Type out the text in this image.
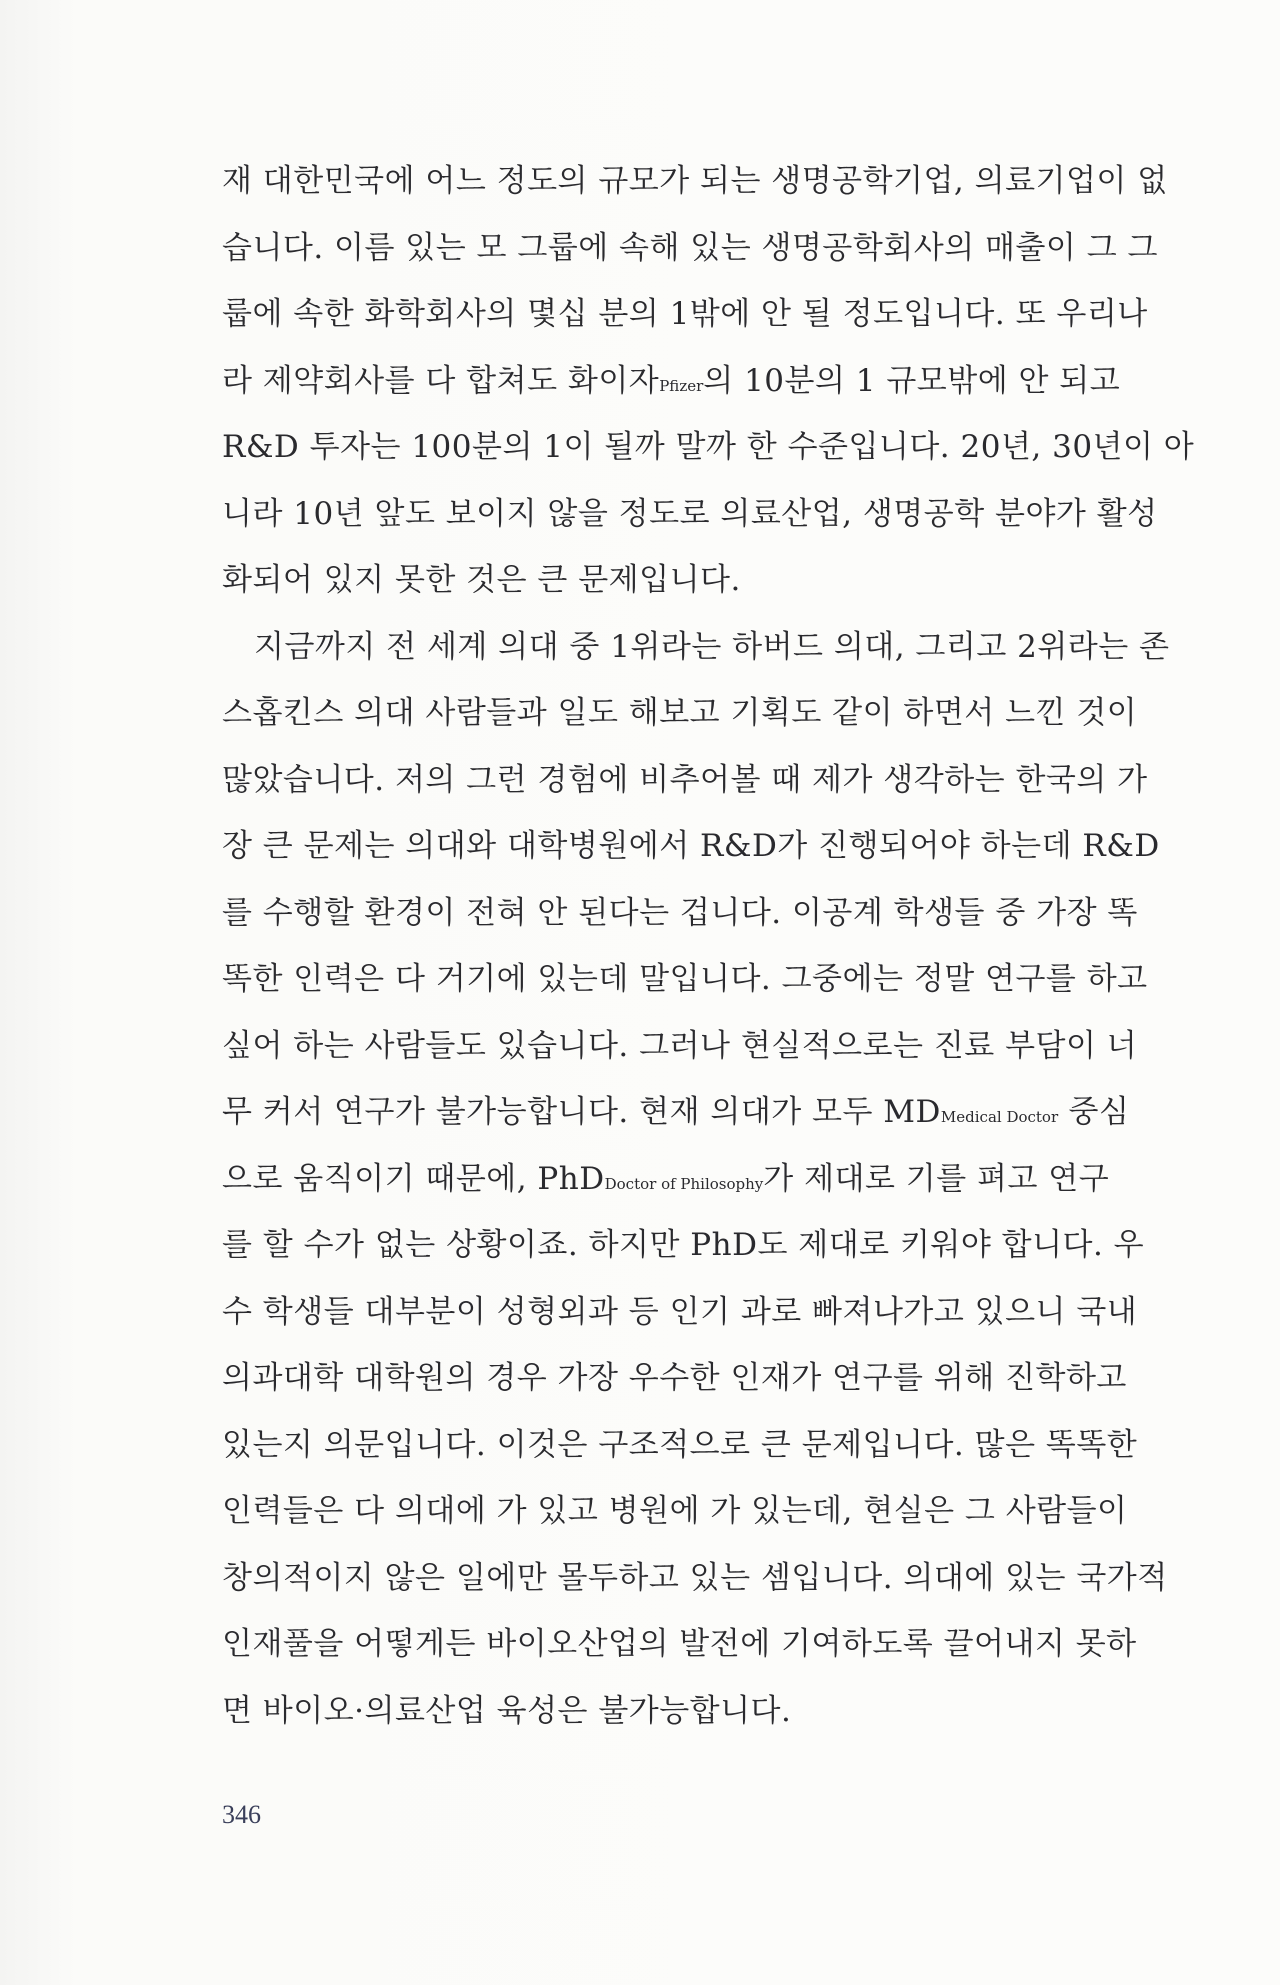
재 대한민국에 어느 정도의 규모가 되는 생명공학기업, 의료기업이 없
습니다. 이름 있는 모 그룹에 속해 있는 생명공학회사의 매출이 그 그
룹에 속한 화학회사의 몇십 분의 1밖에 안 될 정도입니다. 또 우리나
라 제약회사를 다 합쳐도 화이자Pfizer의 10분의 1 규모밖에 안 되고
R&D 투자는 100분의 1이 될까 말까 한 수준입니다. 20년, 30년이 아
니라 10년 앞도 보이지 않을 정도로 의료산업, 생명공학 분야가 활성
화되어 있지 못한 것은 큰 문제입니다.
지금까지 전 세계 의대 중 1위라는 하버드 의대, 그리고 2위라는 존
스홉킨스 의대 사람들과 일도 해보고 기획도 같이 하면서 느낀 것이
많았습니다. 저의 그런 경험에 비추어볼 때 제가 생각하는 한국의 가
장 큰 문제는 의대와 대학병원에서 R&D가 진행되어야 하는데 R&D
를 수행할 환경이 전혀 안 된다는 겁니다. 이공계 학생들 중 가장 똑
똑한 인력은 다 거기에 있는데 말입니다. 그중에는 정말 연구를 하고
싶어 하는 사람들도 있습니다. 그러나 현실적으로는 진료 부담이 너
무 커서 연구가 불가능합니다. 현재 의대가 모두 MDMedical Doctor 중심
으로 움직이기 때문에, PhDDoctor of Philosophy가 제대로 기를 펴고 연구
를 할 수가 없는 상황이죠. 하지만 PhD도 제대로 키워야 합니다. 우
수 학생들 대부분이 성형외과 등 인기 과로 빠져나가고 있으니 국내
의과대학 대학원의 경우 가장 우수한 인재가 연구를 위해 진학하고
있는지 의문입니다. 이것은 구조적으로 큰 문제입니다. 많은 똑똑한
인력들은 다 의대에 가 있고 병원에 가 있는데, 현실은 그 사람들이
창의적이지 않은 일에만 몰두하고 있는 셈입니다. 의대에 있는 국가적
인재풀을 어떻게든 바이오산업의 발전에 기여하도록 끌어내지 못하
면 바이오·의료산업 육성은 불가능합니다.
346
